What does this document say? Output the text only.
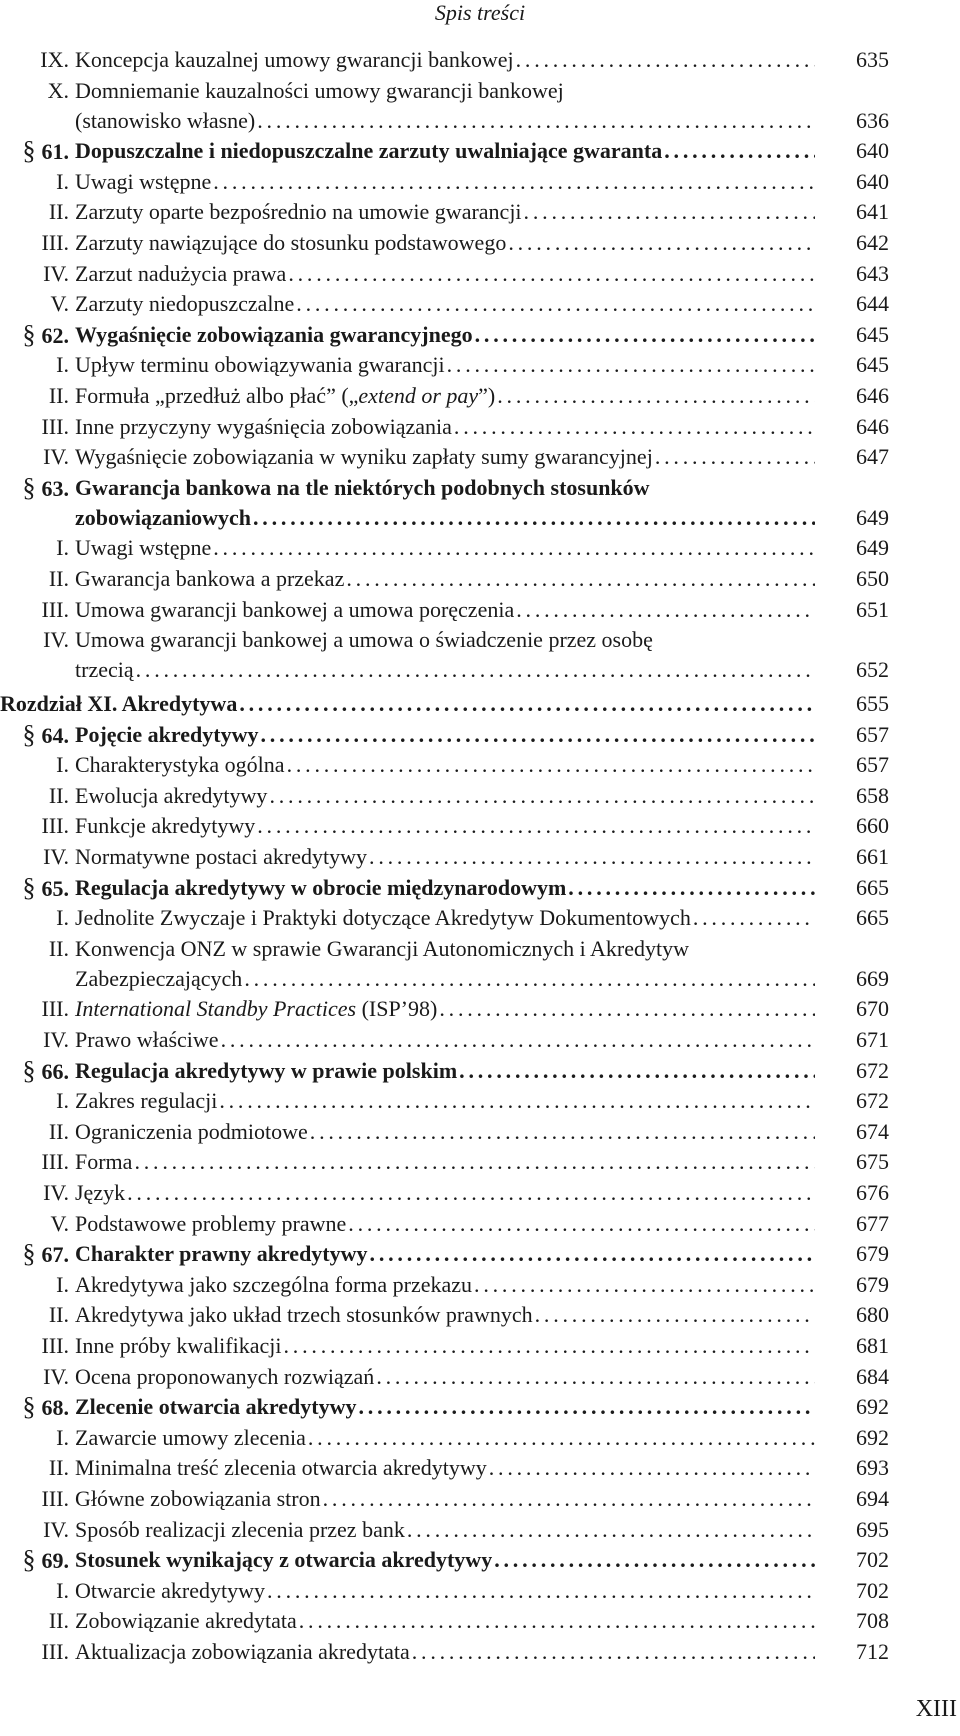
Spis treści
IX. Koncepcja kauzalnej umowy gwarancji bankowej .....	635
X. Domniemanie kauzalności umowy gwarancji bankowej
(stanowisko własne) .....	636
§ 61. Dopuszczalne i niedopuszczalne zarzuty uwalniające gwaranta .....	640
I. Uwagi wstępne .....	640
II. Zarzuty oparte bezpośrednio na umowie gwarancji .....	641
III. Zarzuty nawiązujące do stosunku podstawowego .....	642
IV. Zarzut nadużycia prawa .....	643
V. Zarzuty niedopuszczalne .....	644
§ 62. Wygaśnięcie zobowiązania gwarancyjnego .....	645
I. Upływ terminu obowiązywania gwarancji .....	645
II. Formuła „przedłuż albo płać” („extend or pay”) .....	646
III. Inne przyczyny wygaśnięcia zobowiązania .....	646
IV. Wygaśnięcie zobowiązania w wyniku zapłaty sumy gwarancyjnej .....	647
§ 63. Gwarancja bankowa na tle niektórych podobnych stosunków
zobowiązaniowych .....	649
I. Uwagi wstępne .....	649
II. Gwarancja bankowa a przekaz .....	650
III. Umowa gwarancji bankowej a umowa poręczenia .....	651
IV. Umowa gwarancji bankowej a umowa o świadczenie przez osobę
trzecią .....	652
Rozdział XI. Akredytywa .....	655
§ 64. Pojęcie akredytywy .....	657
I. Charakterystyka ogólna .....	657
II. Ewolucja akredytywy .....	658
III. Funkcje akredytywy .....	660
IV. Normatywne postaci akredytywy .....	661
§ 65. Regulacja akredytywy w obrocie międzynarodowym .....	665
I. Jednolite Zwyczaje i Praktyki dotyczące Akredytyw Dokumentowych .....	665
II. Konwencja ONZ w sprawie Gwarancji Autonomicznych i Akredytyw
Zabezpieczających .....	669
III. International Standby Practices (ISP’98) .....	670
IV. Prawo właściwe .....	671
§ 66. Regulacja akredytywy w prawie polskim .....	672
I. Zakres regulacji .....	672
II. Ograniczenia podmiotowe .....	674
III. Forma .....	675
IV. Język .....	676
V. Podstawowe problemy prawne .....	677
§ 67. Charakter prawny akredytywy .....	679
I. Akredytywa jako szczególna forma przekazu .....	679
II. Akredytywa jako układ trzech stosunków prawnych .....	680
III. Inne próby kwalifikacji .....	681
IV. Ocena proponowanych rozwiązań .....	684
§ 68. Zlecenie otwarcia akredytywy .....	692
I. Zawarcie umowy zlecenia .....	692
II. Minimalna treść zlecenia otwarcia akredytywy .....	693
III. Główne zobowiązania stron .....	694
IV. Sposób realizacji zlecenia przez bank .....	695
§ 69. Stosunek wynikający z otwarcia akredytywy .....	702
I. Otwarcie akredytywy .....	702
II. Zobowiązanie akredytata .....	708
III. Aktualizacja zobowiązania akredytata .....	712
XIII
